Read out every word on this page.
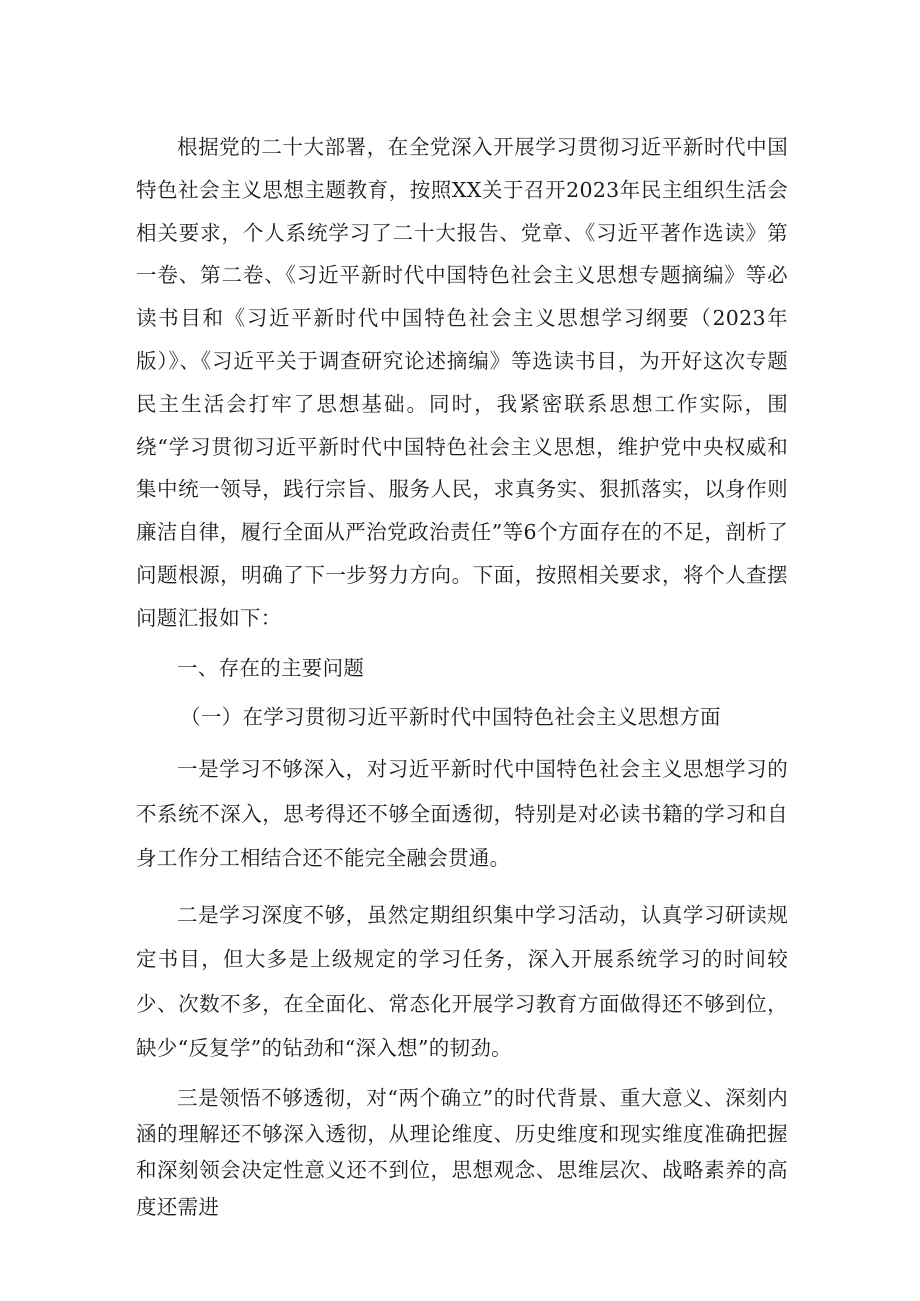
根据党的二十大部署，在全党深入开展学习贯彻习近平新时代中国特色社会主义思想主题教育，按照XX关于召开2023年民主组织生活会相关要求，个人系统学习了二十大报告、党章、《习近平著作选读》第一卷、第二卷、《习近平新时代中国特色社会主义思想专题摘编》等必读书目和《习近平新时代中国特色社会主义思想学习纲要（2023年版）》、《习近平关于调查研究论述摘编》等选读书目，为开好这次专题民主生活会打牢了思想基础。同时，我紧密联系思想工作实际，围绕“学习贯彻习近平新时代中国特色社会主义思想，维护党中央权威和集中统一领导，践行宗旨、服务人民，求真务实、狠抓落实，以身作则廉洁自律，履行全面从严治党政治责任”等6个方面存在的不足，剖析了问题根源，明确了下一步努力方向。下面，按照相关要求，将个人查摆问题汇报如下：

一、存在的主要问题

（一）在学习贯彻习近平新时代中国特色社会主义思想方面

一是学习不够深入，对习近平新时代中国特色社会主义思想学习的不系统不深入，思考得还不够全面透彻，特别是对必读书籍的学习和自身工作分工相结合还不能完全融会贯通。

二是学习深度不够，虽然定期组织集中学习活动，认真学习研读规定书目，但大多是上级规定的学习任务，深入开展系统学习的时间较少、次数不多，在全面化、常态化开展学习教育方面做得还不够到位，缺少“反复学”的钻劲和“深入想”的韧劲。

三是领悟不够透彻，对“两个确立”的时代背景、重大意义、深刻内涵的理解还不够深入透彻，从理论维度、历史维度和现实维度准确把握和深刻领会决定性意义还不到位，思想观念、思维层次、战略素养的高度还需进
